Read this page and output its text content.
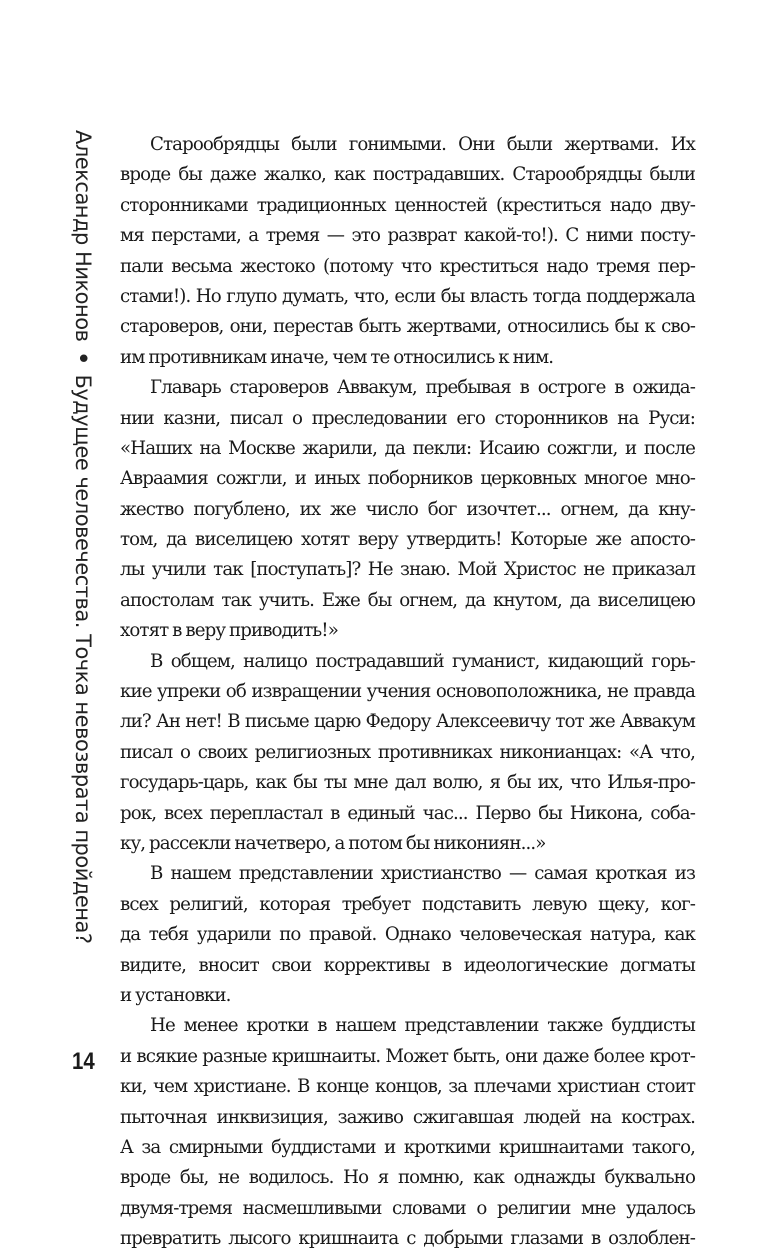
Александр Никонов•Будущее человечества. Точка невозврата пройдена?
14
Старообрядцы были гонимыми. Они были жертвами. Их
вроде бы даже жалко, как пострадавших. Старообрядцы были
сторонниками традиционных ценностей (креститься надо дву-
мя перстами, а тремя — это разврат какой-то!). С ними посту-
пали весьма жестоко (потому что креститься надо тремя пер-
стами!). Но глупо думать, что, если бы власть тогда поддержала
староверов, они, перестав быть жертвами, относились бы к сво-
им противникам иначе, чем те относились к ним.
Главарь староверов Аввакум, пребывая в остроге в ожида-
нии казни, писал о преследовании его сторонников на Руси:
«Наших на Москве жарили, да пекли: Исаию сожгли, и после
Авраамия сожгли, и иных поборников церковных многое мно-
жество погублено, их же число бог изочтет... огнем, да кну-
том, да виселицею хотят веру утвердить! Которые же апосто-
лы учили так [поступать]? Не знаю. Мой Христос не приказал
апостолам так учить. Еже бы огнем, да кнутом, да виселицею
хотят в веру приводить!»
В общем, налицо пострадавший гуманист, кидающий горь-
кие упреки об извращении учения основоположника, не правда
ли? Ан нет! В письме царю Федору Алексеевичу тот же Аввакум
писал о своих религиозных противниках никонианцах: «А что,
государь-царь, как бы ты мне дал волю, я бы их, что Илья-про-
рок, всех перепластал в единый час... Перво бы Никона, соба-
ку, рассекли начетверо, а потом бы никониян...»
В нашем представлении христианство — самая кроткая из
всех религий, которая требует подставить левую щеку, ког-
да тебя ударили по правой. Однако человеческая натура, как
видите, вносит свои коррективы в идеологические догматы
и установки.
Не менее кротки в нашем представлении также буддисты
и всякие разные кришнаиты. Может быть, они даже более крот-
ки, чем христиане. В конце концов, за плечами христиан стоит
пыточная инквизиция, заживо сжигавшая людей на кострах.
А за смирными буддистами и кроткими кришнаитами такого,
вроде бы, не водилось. Но я помню, как однажды буквально
двумя-тремя насмешливыми словами о религии мне удалось
превратить лысого кришнаита с добрыми глазами в озлоблен-
